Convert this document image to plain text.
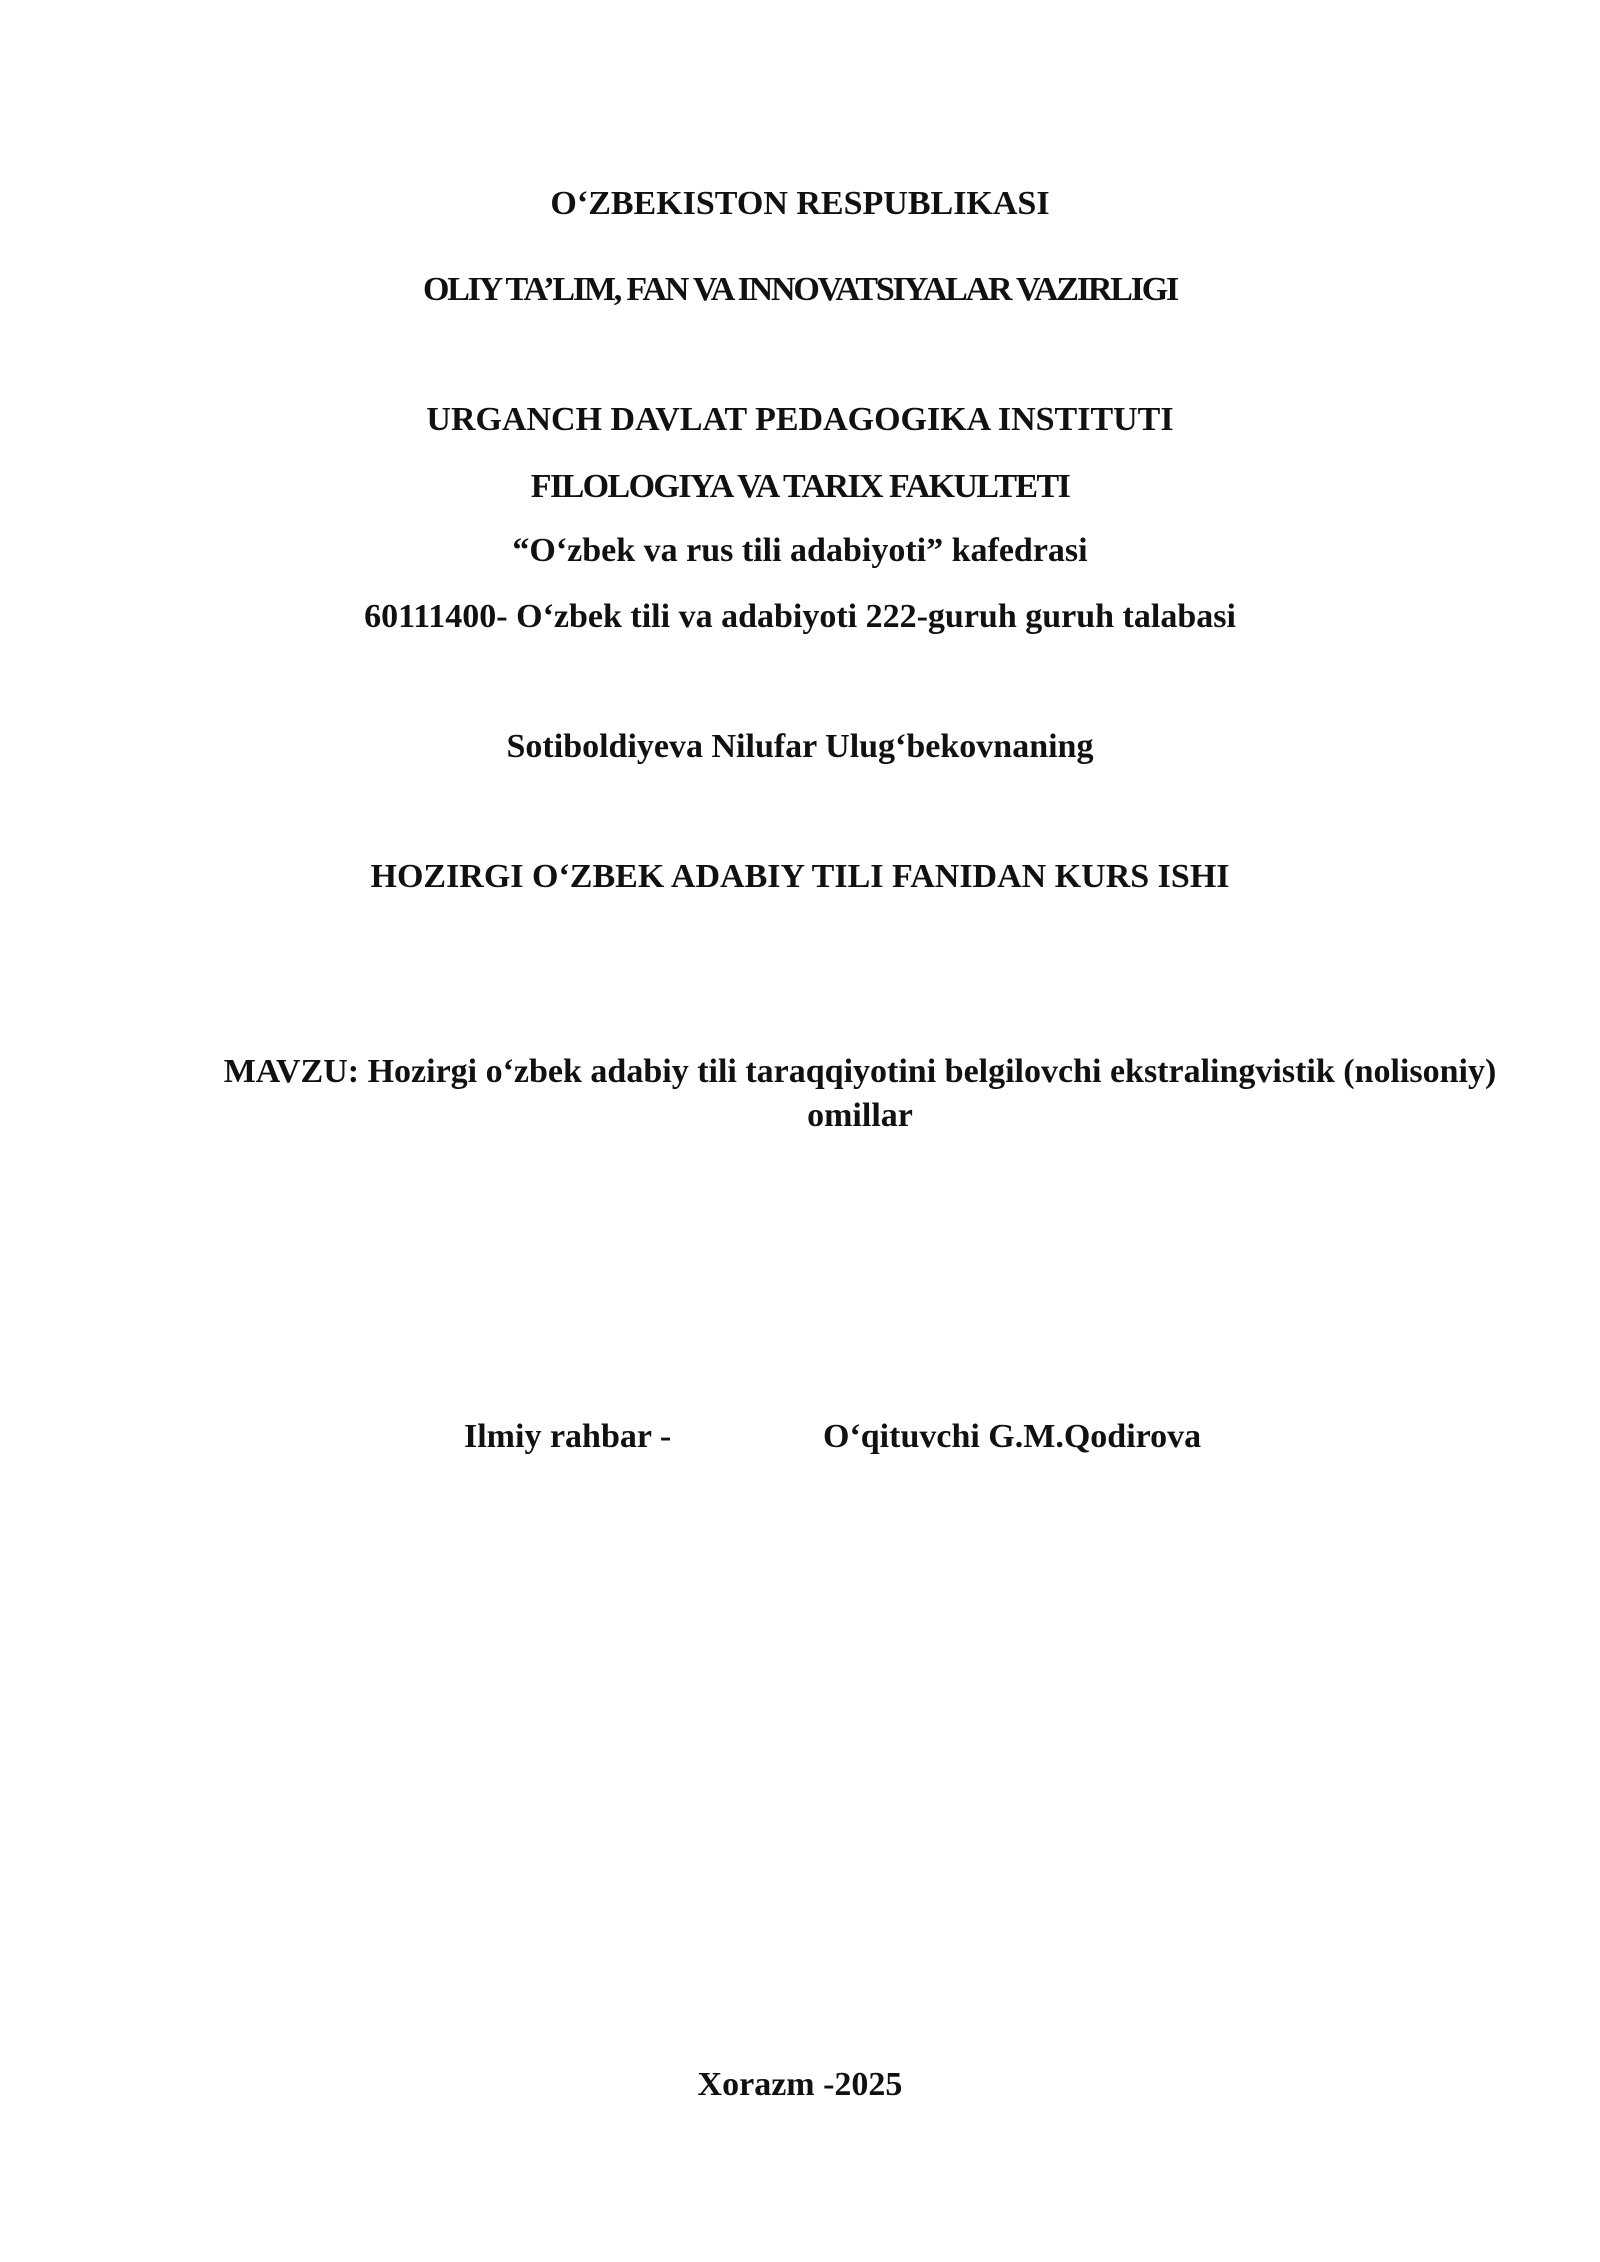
O‘ZBEKISTON RESPUBLIKASI
OLIY TA’LIM, FAN VA INNOVATSIYALAR VAZIRLIGI
URGANCH DAVLAT PEDAGOGIKA INSTITUTI
FILOLOGIYA VA TARIX FAKULTETI
“O‘zbek va rus tili adabiyoti” kafedrasi
60111400- O‘zbek tili va adabiyoti 222-guruh guruh talabasi
Sotiboldiyeva Nilufar Ulug‘bekovnaning
HOZIRGI O‘ZBEK ADABIY TILI FANIDAN KURS ISHI
MAVZU: Hozirgi o‘zbek adabiy tili taraqqiyotini belgilovchi ekstralingvistik (nolisoniy) omillar
Ilmiy rahbar -	O‘qituvchi G.M.Qodirova
Xorazm -2025
